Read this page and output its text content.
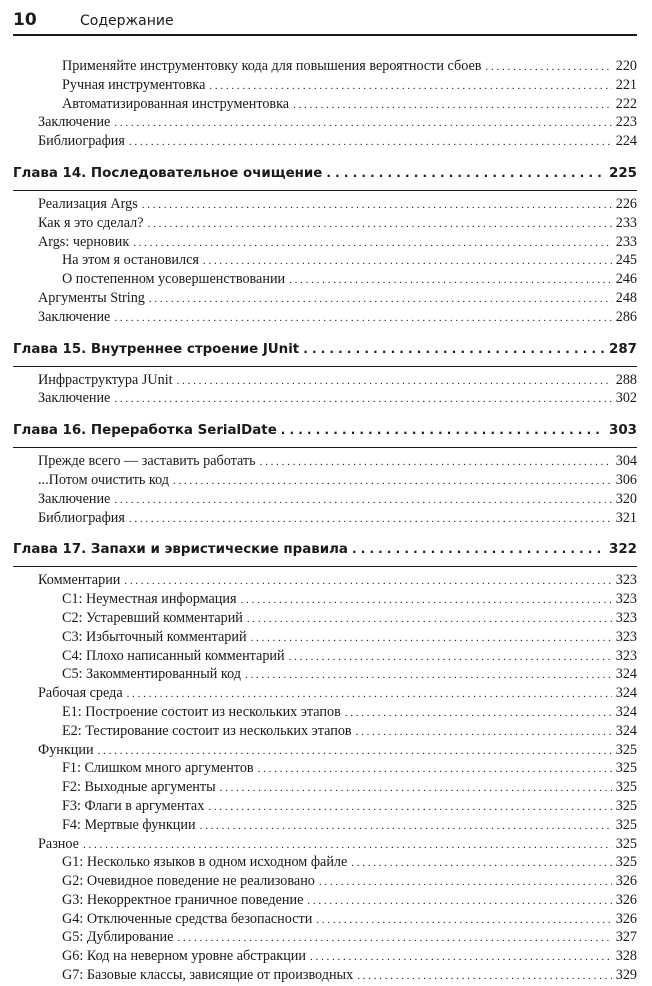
10	Содержание
Применяйте инструментовку кода для повышения вероятности сбоев . . .	220
Ручная инструментовка . . .	221
Автоматизированная инструментовка . . .	222
Заключение . . .	223
Библиография . . .	224
Глава 14. Последовательное очищение . . .	225
Реализация Args . . .	226
Как я это сделал? . . .	233
Args: черновик . . .	233
На этом я остановился . . .	245
О постепенном усовершенствовании . . .	246
Аргументы String . . .	248
Заключение . . .	286
Глава 15. Внутреннее строение JUnit . . .	287
Инфраструктура JUnit . . .	288
Заключение . . .	302
Глава 16. Переработка SerialDate . . .	303
Прежде всего — заставить работать . . .	304
...Потом очистить код . . .	306
Заключение . . .	320
Библиография . . .	321
Глава 17. Запахи и эвристические правила . . .	322
Комментарии . . .	323
C1: Неуместная информация . . .	323
C2: Устаревший комментарий . . .	323
C3: Избыточный комментарий . . .	323
C4: Плохо написанный комментарий . . .	323
C5: Закомментированный код . . .	324
Рабочая среда . . .	324
E1: Построение состоит из нескольких этапов . . .	324
E2: Тестирование состоит из нескольких этапов . . .	324
Функции . . .	325
F1: Слишком много аргументов . . .	325
F2: Выходные аргументы . . .	325
F3: Флаги в аргументах . . .	325
F4: Мертвые функции . . .	325
Разное . . .	325
G1: Несколько языков в одном исходном файле . . .	325
G2: Очевидное поведение не реализовано . . .	326
G3: Некорректное граничное поведение . . .	326
G4: Отключенные средства безопасности . . .	326
G5: Дублирование . . .	327
G6: Код на неверном уровне абстракции . . .	328
G7: Базовые классы, зависящие от производных . . .	329
